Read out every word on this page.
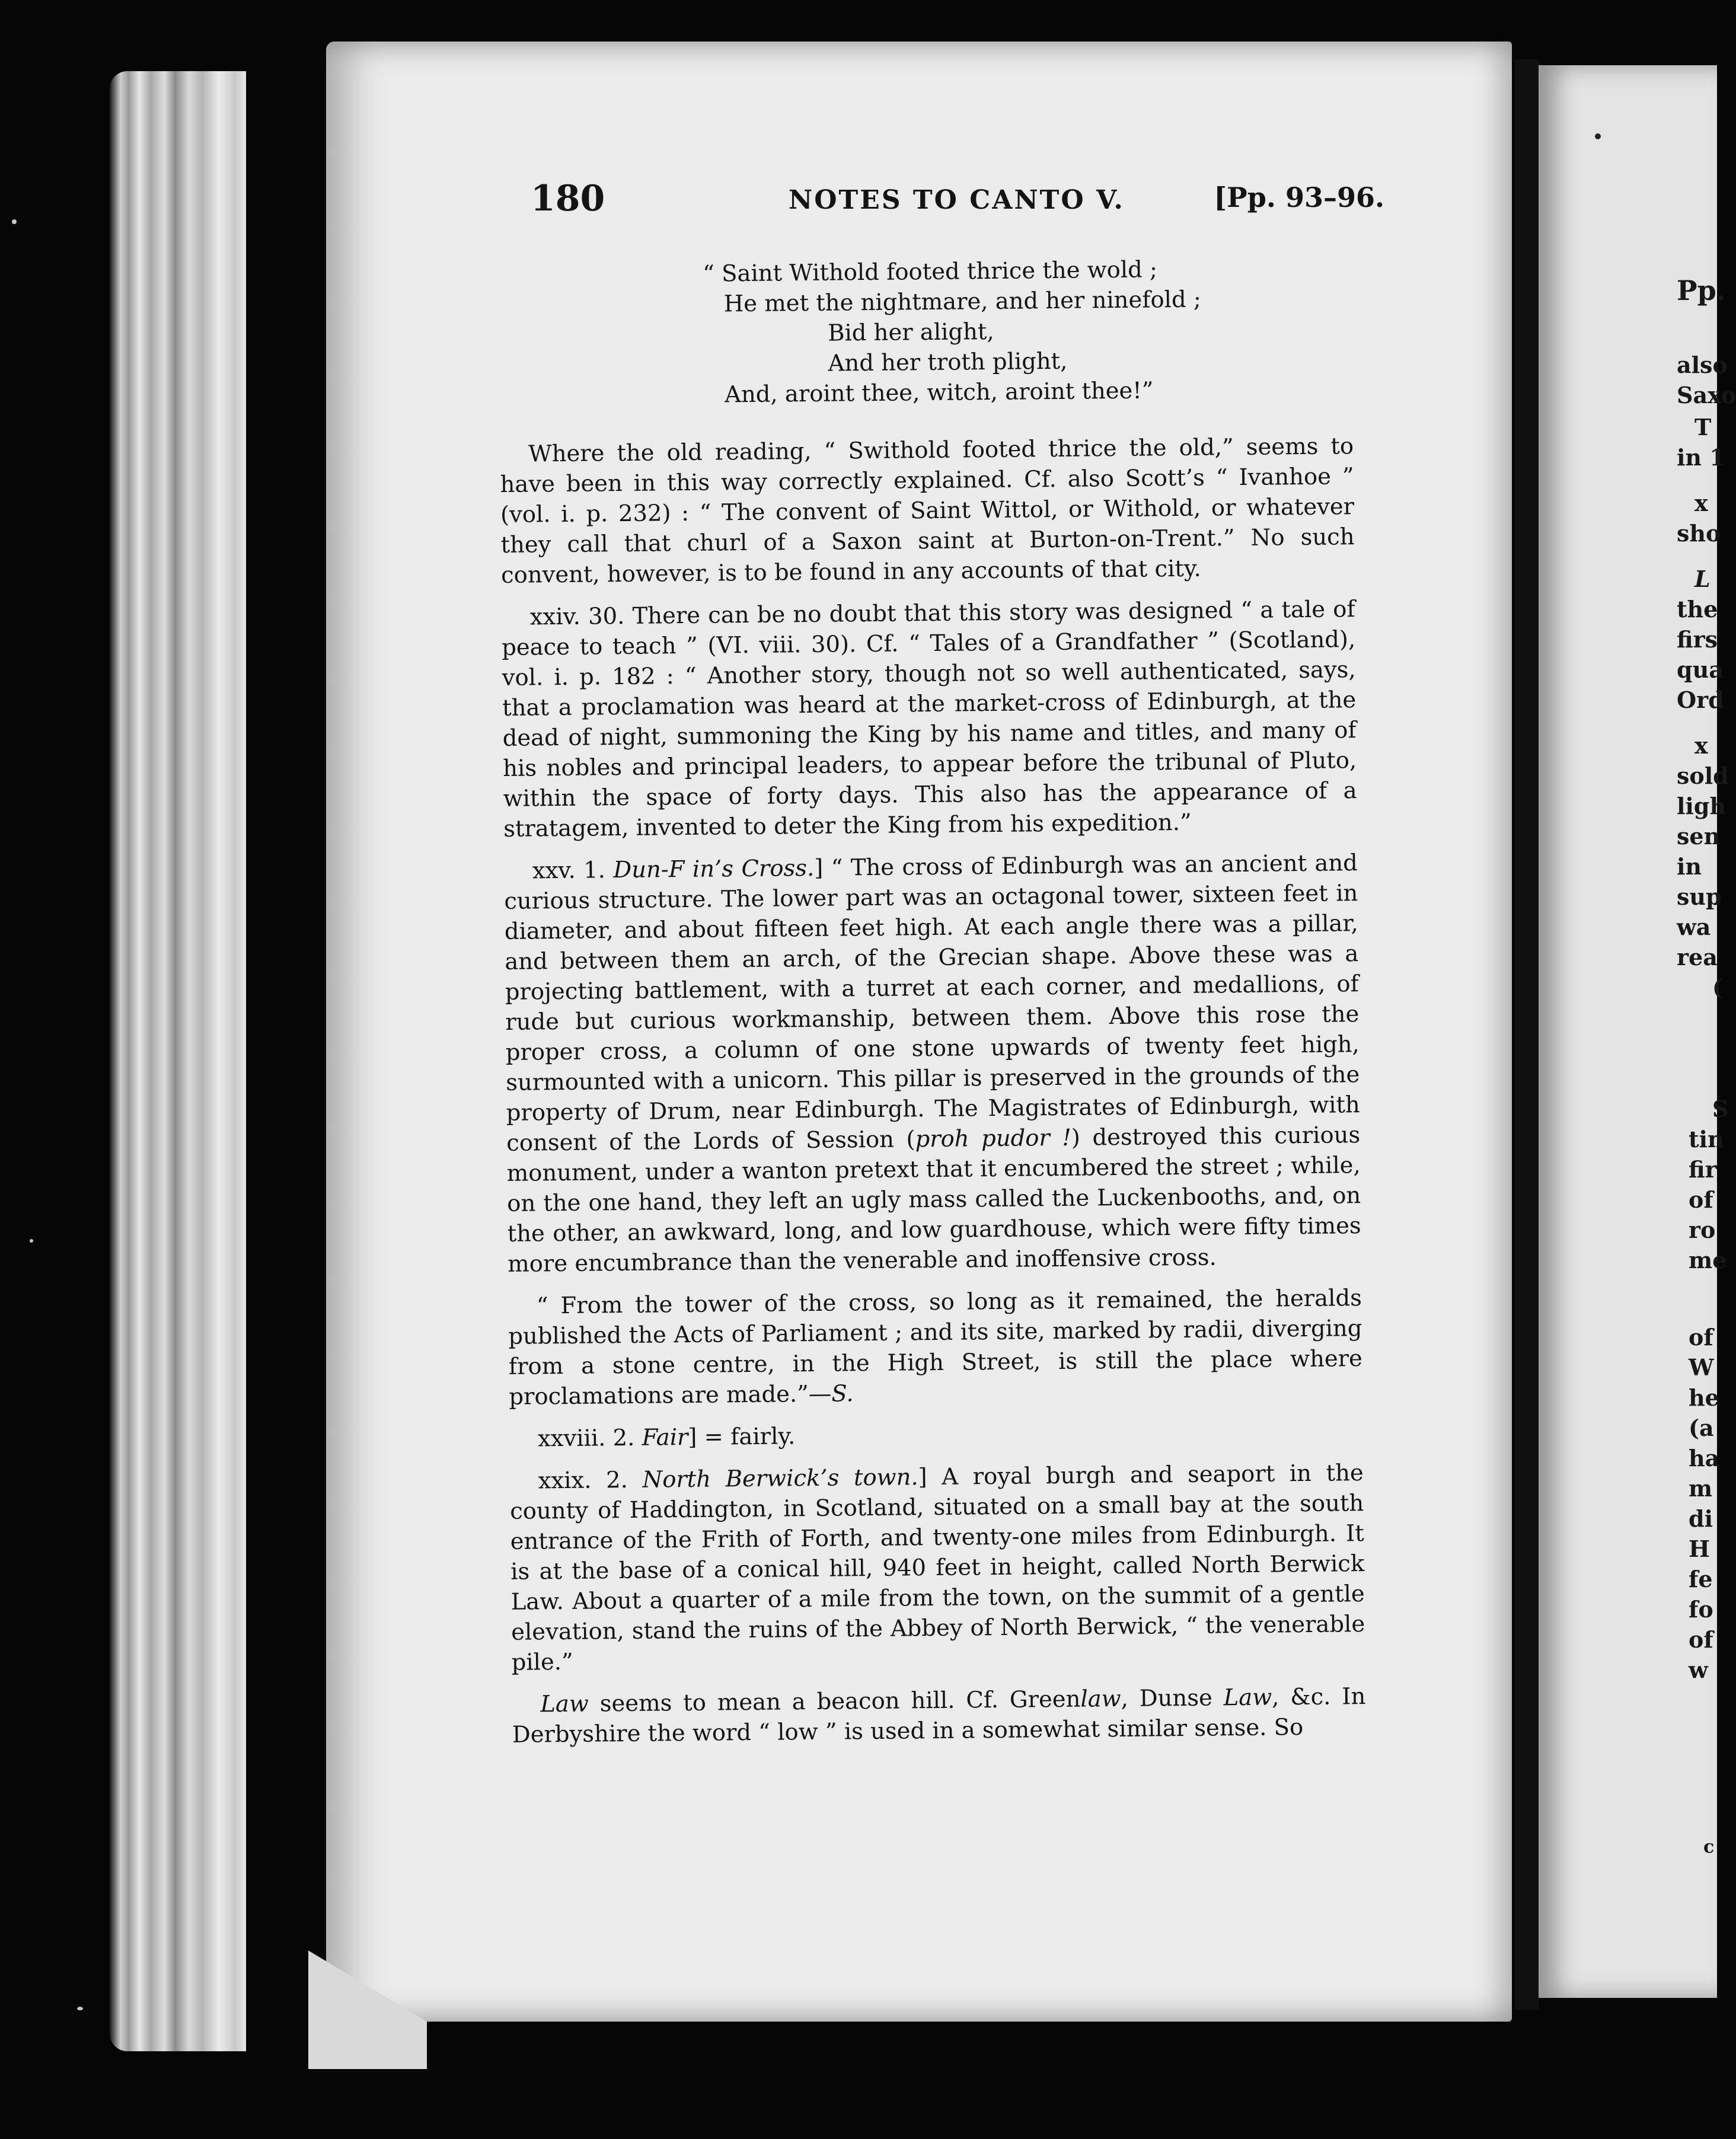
180	NOTES TO CANTO V.	[Pp. 93–96.
“ Saint Withold footed thrice the wold ;
He met the nightmare, and her ninefold ;
Bid her alight,
And her troth plight,
And, aroint thee, witch, aroint thee!”

Where the old reading, “ Swithold footed thrice the old,” seems to have been in this way correctly explained. Cf. also Scott’s “ Ivanhoe ” (vol. i. p. 232) : “ The convent of Saint Wittol, or Withold, or whatever they call that churl of a Saxon saint at Burton-on-Trent.” No such convent, however, is to be found in any accounts of that city.

xxiv. 30. There can be no doubt that this story was designed “ a tale of peace to teach ” (VI. viii. 30). Cf. “ Tales of a Grandfather ” (Scotland), vol. i. p. 182 : “ Another story, though not so well authenticated, says, that a proclamation was heard at the market-cross of Edinburgh, at the dead of night, summoning the King by his name and titles, and many of his nobles and principal leaders, to appear before the tribunal of Pluto, within the space of forty days. This also has the appearance of a stratagem, invented to deter the King from his expedition.”

xxv. 1. Dun-F in’s Cross.] “ The cross of Edinburgh was an ancient and curious structure. The lower part was an octagonal tower, sixteen feet in diameter, and about fifteen feet high. At each angle there was a pillar, and between them an arch, of the Grecian shape. Above these was a projecting battlement, with a turret at each corner, and medallions, of rude but curious workmanship, between them. Above this rose the proper cross, a column of one stone upwards of twenty feet high, surmounted with a unicorn. This pillar is preserved in the grounds of the property of Drum, near Edinburgh. The Magistrates of Edinburgh, with consent of the Lords of Session (proh pudor !) destroyed this curious monument, under a wanton pretext that it encumbered the street ; while, on the one hand, they left an ugly mass called the Luckenbooths, and, on the other, an awkward, long, and low guardhouse, which were fifty times more encumbrance than the venerable and inoffensive cross.

“ From the tower of the cross, so long as it remained, the heralds published the Acts of Parliament ; and its site, marked by radii, diverging from a stone centre, in the High Street, is still the place where proclamations are made.”—S.

xxviii. 2. Fair] = fairly.

xxix. 2. North Berwick’s town.] A royal burgh and seaport in the county of Haddington, in Scotland, situated on a small bay at the south entrance of the Frith of Forth, and twenty-one miles from Edinburgh. It is at the base of a conical hill, 940 feet in height, called North Berwick Law. About a quarter of a mile from the town, on the summit of a gentle elevation, stand the ruins of the Abbey of North Berwick, “ the venerable pile.”

Law seems to mean a beacon hill. Cf. Greenlaw, Dunse Law, &c. In Derbyshire the word “ low ” is used in a somewhat similar sense. So

Pp.
also
Saxo
T
in 1
x
sho
L
the
firs
qua
Ord
x
sold
ligh
sen
in
sup
wa
rea
(
S
tin
fir
of
ro
me
of
W
he
(a
ha
m
di
H
fe
fo
of
w
c
